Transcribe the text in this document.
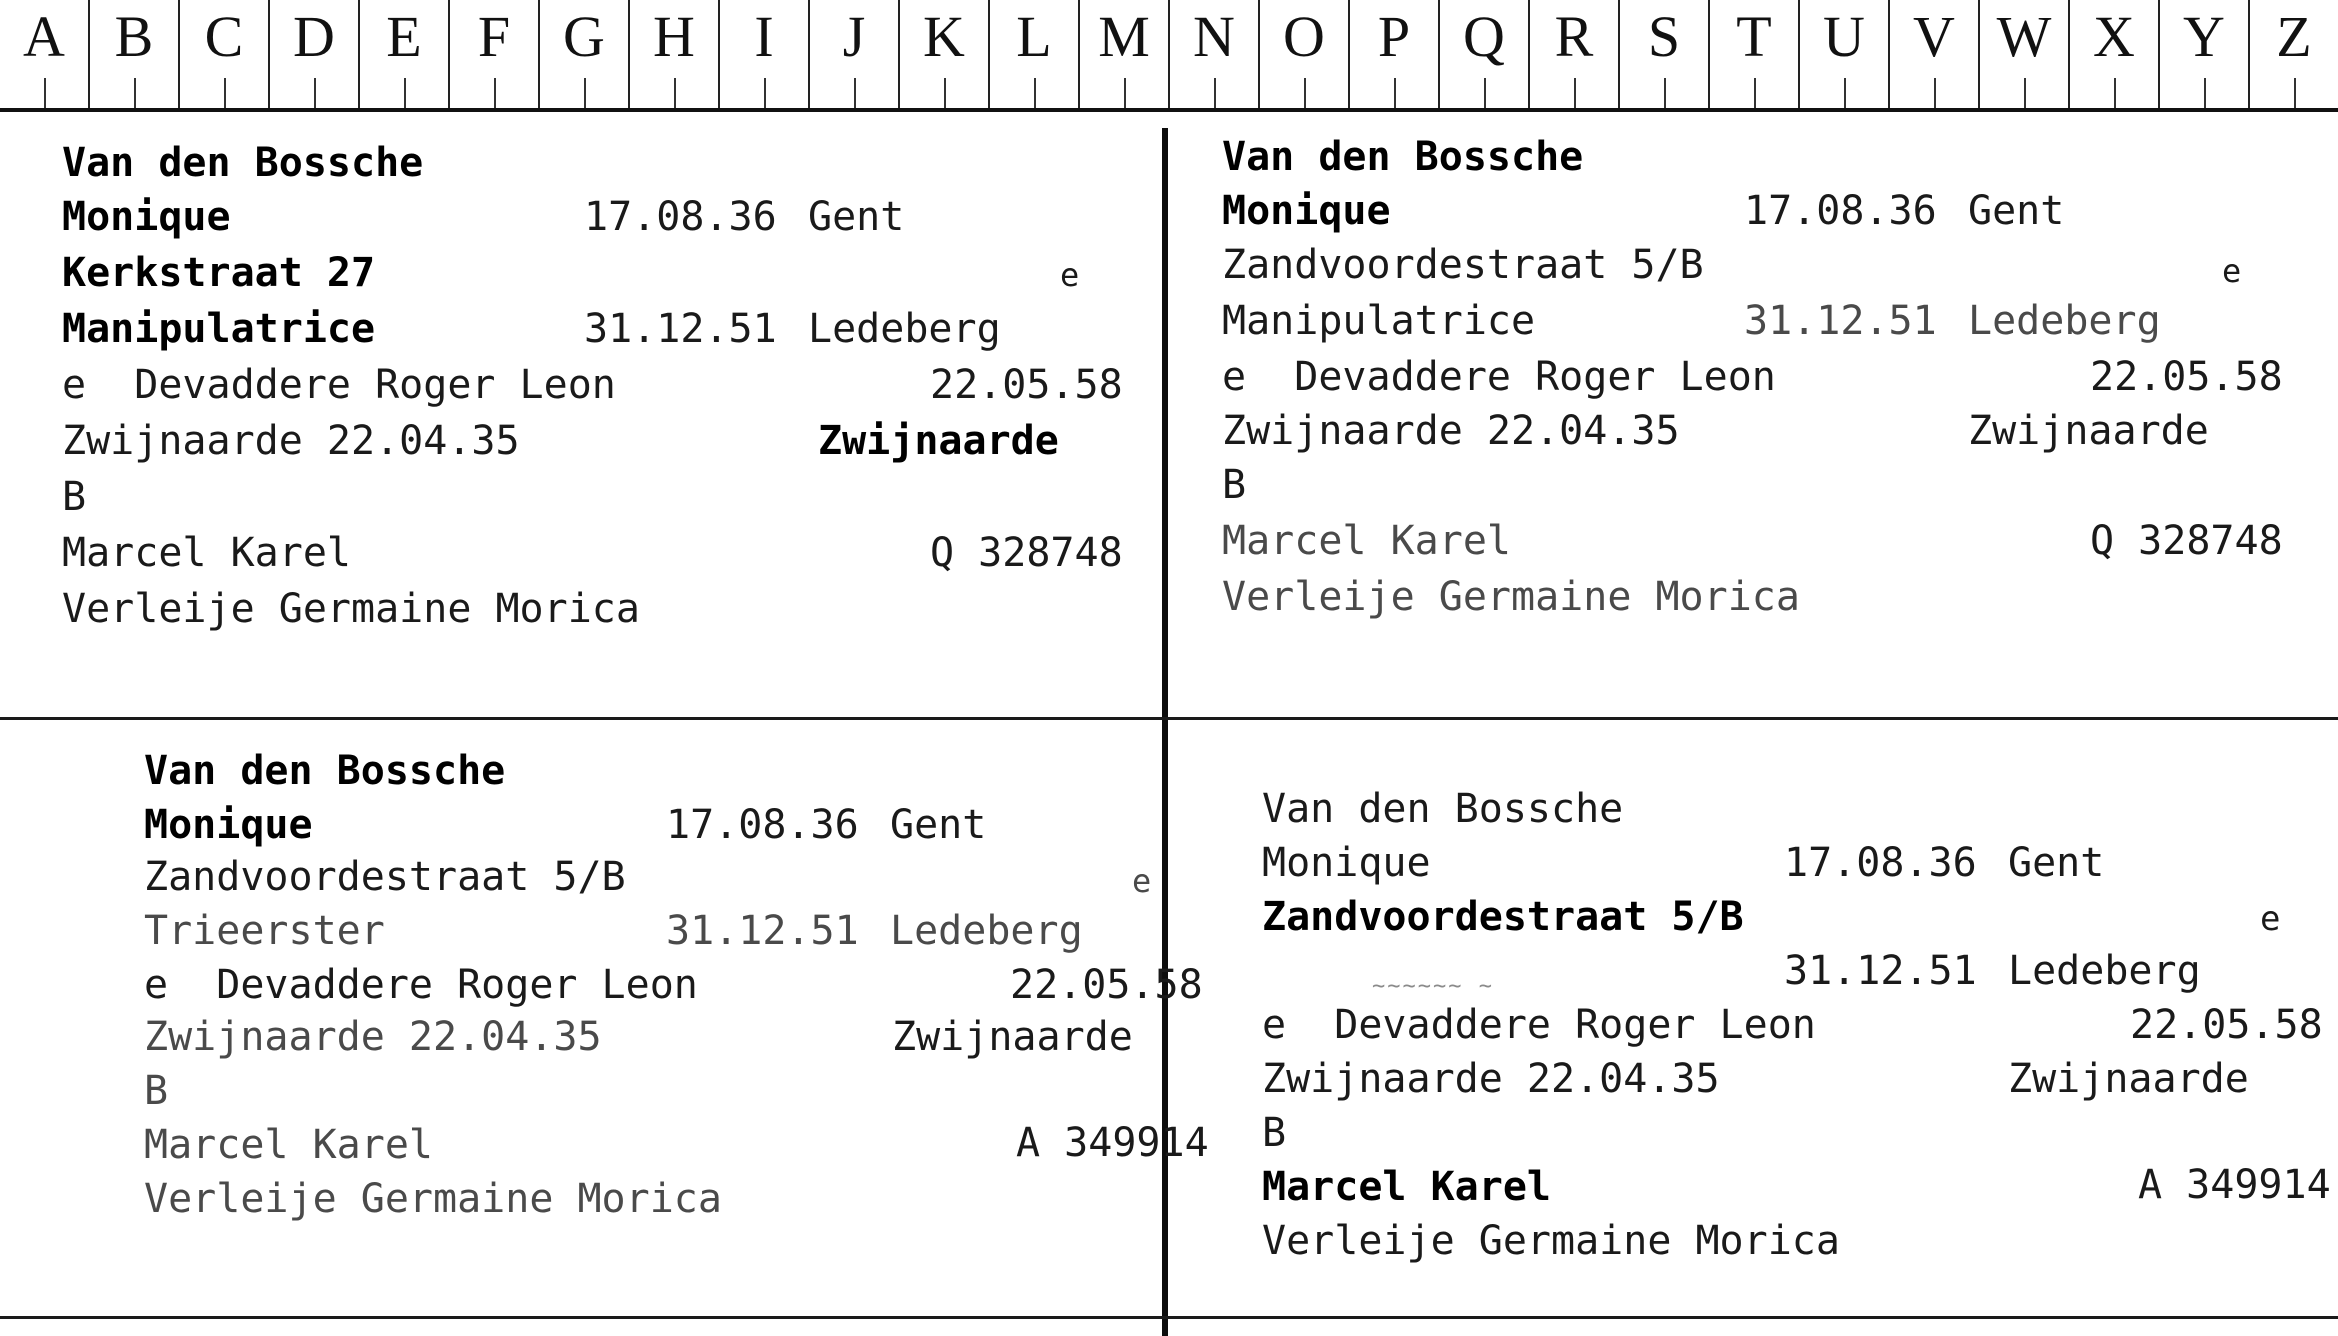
A B C D E F G H	I	J K L M N O P Q R S T U V W X Y Z
Van den Bossche
Monique	17.08.36 Gent
Kerkstraat 27	e
Manipulatrice	31.12.51 Ledeberg
e  Devaddere Roger Leon	22.05.58
Zwijnaarde 22.04.35	Zwijnaarde
B
Marcel Karel	Q 328748
Verleije Germaine Morica
Van den Bossche
Monique	17.08.36 Gent
Zandvoordestraat 5/B	e
Manipulatrice	31.12.51 Ledeberg
e  Devaddere Roger Leon	22.05.58
Zwijnaarde 22.04.35	Zwijnaarde
B
Marcel Karel	Q 328748
Verleije Germaine Morica
Van den Bossche
Monique	17.08.36 Gent
Zandvoordestraat 5/B	e
Trieerster	31.12.51 Ledeberg
e  Devaddere Roger Leon	22.05.58
Zwijnaarde 22.04.35	Zwijnaarde
B
Marcel Karel	A 349914
Verleije Germaine Morica
Van den Bossche
Monique	17.08.36 Gent
Zandvoordestraat 5/B	e
~~~~~~ ~	31.12.51 Ledeberg
e  Devaddere Roger Leon	22.05.58
Zwijnaarde 22.04.35	Zwijnaarde
B
Marcel Karel	A 349914
Verleije Germaine Morica
